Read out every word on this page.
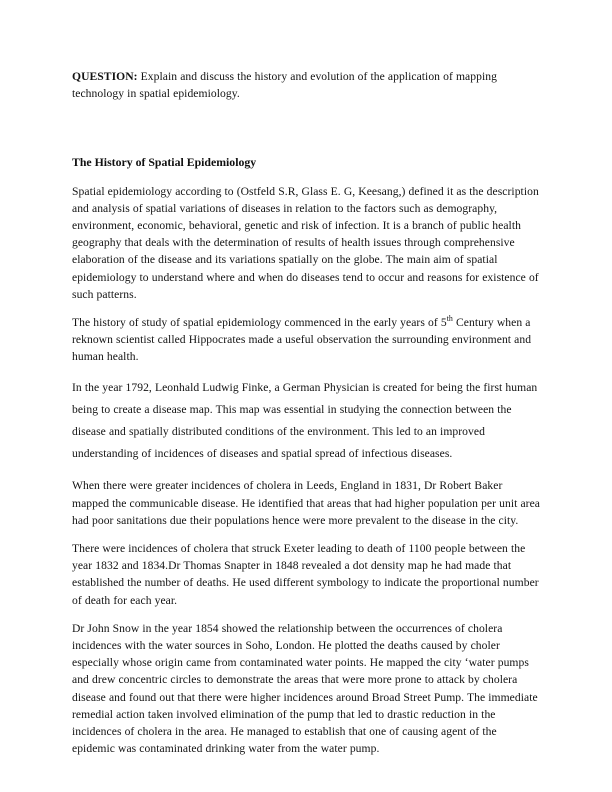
QUESTION: Explain and discuss the history and evolution of the application of mapping technology in spatial epidemiology.

The History of Spatial Epidemiology

Spatial epidemiology according to (Ostfeld S.R, Glass E. G, Keesang,) defined it as the description and analysis of spatial variations of diseases in relation to the factors such as demography, environment, economic, behavioral, genetic and risk of infection. It is a branch of public health geography that deals with the determination of results of health issues through comprehensive elaboration of the disease and its variations spatially on the globe. The main aim of spatial epidemiology to understand where and when do diseases tend to occur and reasons for existence of such patterns.

The history of study of spatial epidemiology commenced in the early years of 5th Century when a reknown scientist called Hippocrates made a useful observation the surrounding environment and human health.

In the year 1792, Leonhald Ludwig Finke, a German Physician is created for being the first human being to create a disease map. This map was essential in studying the connection between the disease and spatially distributed conditions of the environment. This led to an improved understanding of incidences of diseases and spatial spread of infectious diseases.

When there were greater incidences of cholera in Leeds, England in 1831, Dr Robert Baker mapped the communicable disease. He identified that areas that had higher population per unit area had poor sanitations due their populations hence were more prevalent to the disease in the city.

There were incidences of cholera that struck Exeter leading to death of 1100 people between the year 1832 and 1834.Dr Thomas Snapter in 1848 revealed a dot density map he had made that established the number of deaths. He used different symbology to indicate the proportional number of death for each year.

Dr John Snow in the year 1854 showed the relationship between the occurrences of cholera incidences with the water sources in Soho, London. He plotted the deaths caused by choler especially whose origin came from contaminated water points. He mapped the city ‘water pumps and drew concentric circles to demonstrate the areas that were more prone to attack by cholera disease and found out that there were higher incidences around Broad Street Pump. The immediate remedial action taken involved elimination of the pump that led to drastic reduction in the incidences of cholera in the area. He managed to establish that one of causing agent of the epidemic was contaminated drinking water from the water pump.
